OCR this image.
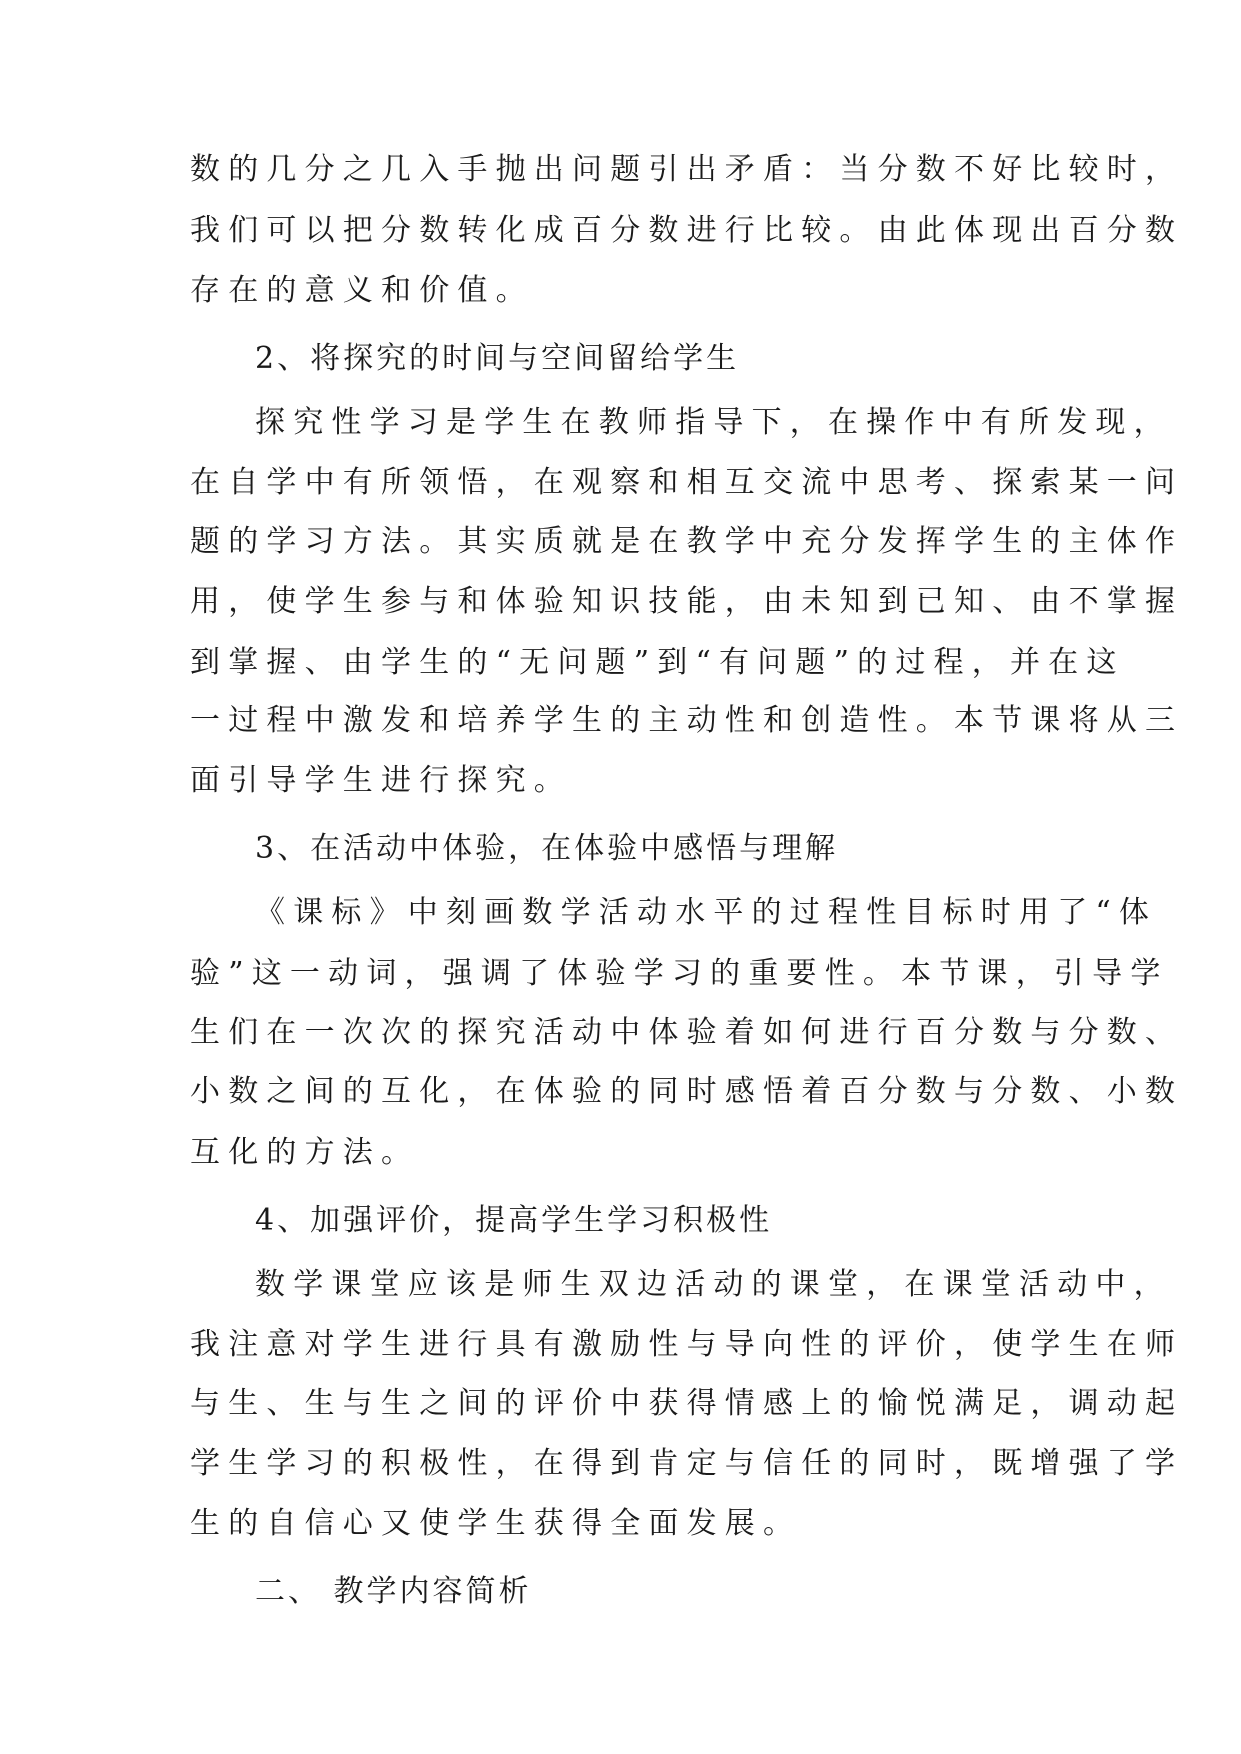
数的几分之几入手抛出问题引出矛盾：当分数不好比较时，
我们可以把分数转化成百分数进行比较。由此体现出百分数
存在的意义和价值。
2、将探究的时间与空间留给学生
探究性学习是学生在教师指导下，在操作中有所发现，
在自学中有所领悟，在观察和相互交流中思考、探索某一问
题的学习方法。其实质就是在教学中充分发挥学生的主体作
用，使学生参与和体验知识技能，由未知到已知、由不掌握
到掌握、由学生的“无问题”到“有问题”的过程，并在这
一过程中激发和培养学生的主动性和创造性。本节课将从三
面引导学生进行探究。
3、在活动中体验，在体验中感悟与理解
《课标》中刻画数学活动水平的过程性目标时用了“体
验”这一动词，强调了体验学习的重要性。本节课，引导学
生们在一次次的探究活动中体验着如何进行百分数与分数、
小数之间的互化，在体验的同时感悟着百分数与分数、小数
互化的方法。
4、加强评价，提高学生学习积极性
数学课堂应该是师生双边活动的课堂，在课堂活动中，
我注意对学生进行具有激励性与导向性的评价，使学生在师
与生、生与生之间的评价中获得情感上的愉悦满足，调动起
学生学习的积极性，在得到肯定与信任的同时，既增强了学
生的自信心又使学生获得全面发展。
二、 教学内容简析
